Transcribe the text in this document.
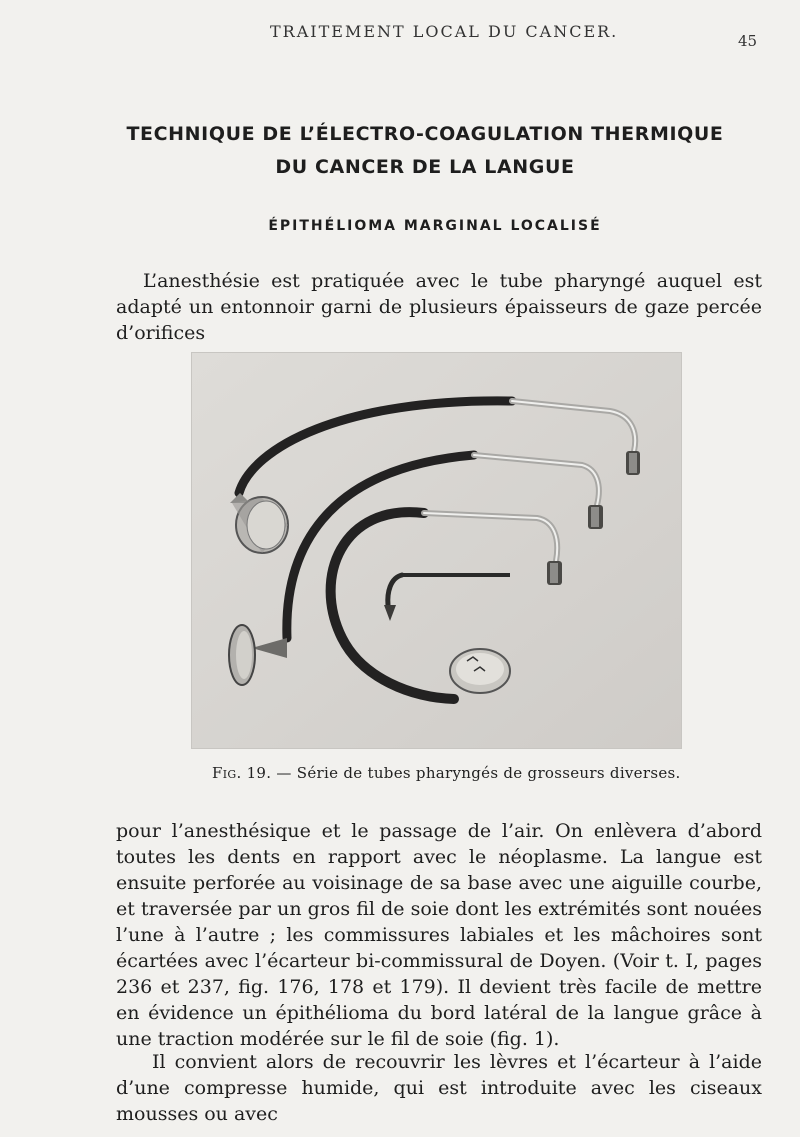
TRAITEMENT LOCAL DU CANCER.	45
TECHNIQUE DE L’ÉLECTRO-COAGULATION THERMIQUE
DU CANCER DE LA LANGUE
ÉPITHÉLIOMA MARGINAL LOCALISÉ

L’anesthésie est pratiquée avec le tube pharyngé auquel est adapté un entonnoir garni de plusieurs épaisseurs de gaze percée d’orifices

Fig. 19. — Série de tubes pharyngés de grosseurs diverses.

pour l’anesthésique et le passage de l’air. On enlèvera d’abord toutes les dents en rapport avec le néoplasme. La langue est ensuite perforée au voisinage de sa base avec une aiguille courbe, et traversée par un gros fil de soie dont les extrémités sont nouées l’une à l’autre ; les commissures labiales et les mâchoires sont écartées avec l’écarteur bi-commissural de Doyen. (Voir t. I, pages 236 et 237, fig. 176, 178 et 179). Il devient très facile de mettre en évidence un épithélioma du bord latéral de la langue grâce à une traction modérée sur le fil de soie (fig. 1).

Il convient alors de recouvrir les lèvres et l’écarteur à l’aide d’une compresse humide, qui est introduite avec les ciseaux mousses ou avec
